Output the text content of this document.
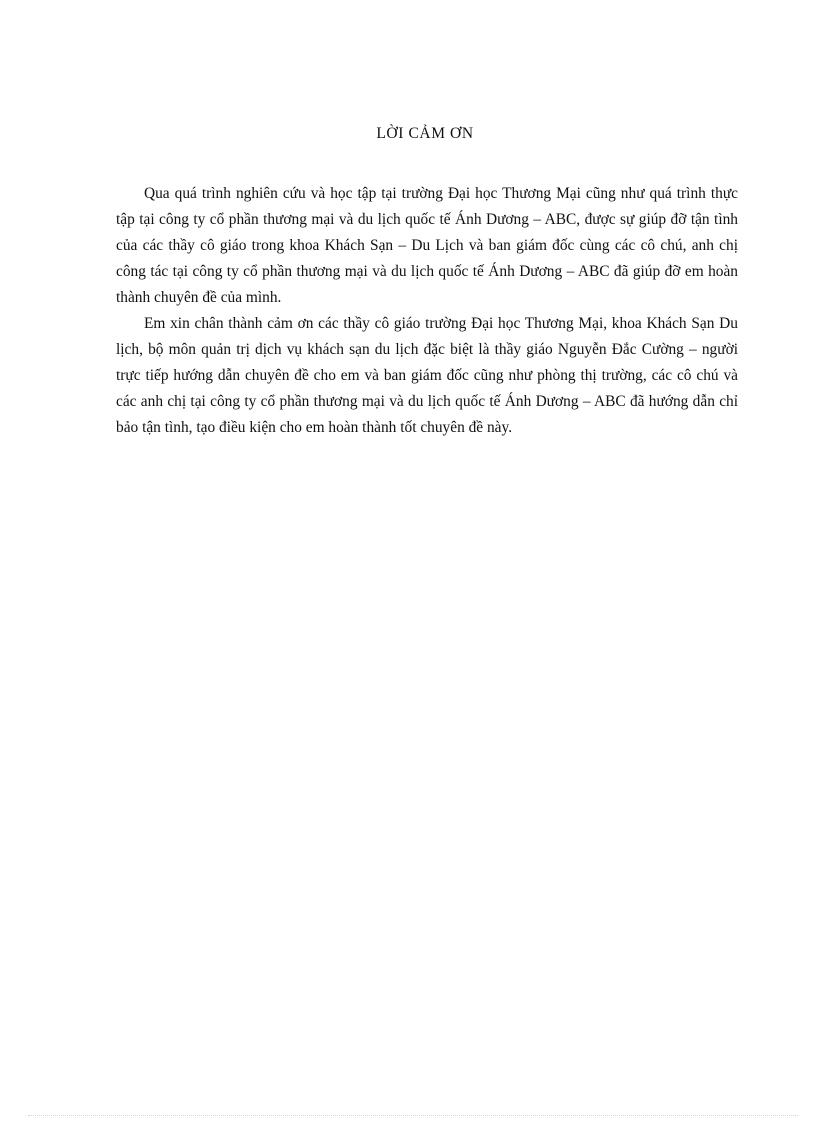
LỜI CẢM ƠN

Qua quá trình nghiên cứu và học tập tại trường Đại học Thương Mại cũng như quá trình thực tập tại công ty cổ phần thương mại và du lịch quốc tế Ánh Dương – ABC, được sự giúp đỡ tận tình của các thầy cô giáo trong khoa Khách Sạn – Du Lịch và ban giám đốc cùng các cô chú, anh chị công tác tại công ty cổ phần thương mại và du lịch quốc tế Ánh Dương – ABC đã giúp đỡ em hoàn thành chuyên đề của mình.

Em xin chân thành cảm ơn các thầy cô giáo trường Đại học Thương Mại, khoa Khách Sạn Du lịch, bộ môn quản trị dịch vụ khách sạn du lịch đặc biệt là thầy giáo Nguyễn Đắc Cường – người trực tiếp hướng dẫn chuyên đề cho em và ban giám đốc cũng như phòng thị trường, các cô chú và các anh chị tại công ty cổ phần thương mại và du lịch quốc tế Ánh Dương – ABC đã hướng dẫn chỉ bảo tận tình, tạo điều kiện cho em hoàn thành tốt chuyên đề này.
